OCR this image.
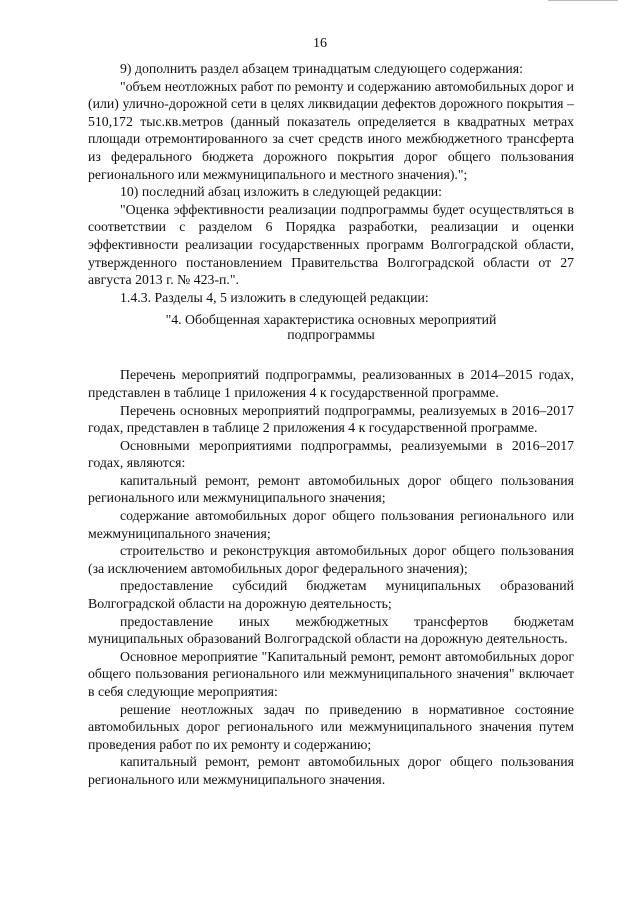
16

9) дополнить раздел абзацем тринадцатым следующего содержания:

"объем неотложных работ по ремонту и содержанию автомобильных дорог и (или) улично-дорожной сети в целях ликвидации дефектов дорожного покрытия – 510,172 тыс.кв.метров (данный показатель определяется в квадратных метрах площади отремонтированного за счет средств иного межбюджетного трансферта из федерального бюджета дорожного покрытия дорог общего пользования регионального или межмуниципального и местного значения).";

10) последний абзац изложить в следующей редакции:

"Оценка эффективности реализации подпрограммы будет осуществляться в соответствии с разделом 6 Порядка разработки, реализации и оценки эффективности реализации государственных программ Волгоградской области, утвержденного постановлением Правительства Волгоградской области от 27 августа 2013 г. № 423-п.".

1.4.3. Разделы 4, 5 изложить в следующей редакции:

"4. Обобщенная характеристика основных мероприятий подпрограммы

Перечень мероприятий подпрограммы, реализованных в 2014–2015 годах, представлен в таблице 1 приложения 4 к государственной программе.

Перечень основных мероприятий подпрограммы, реализуемых в 2016–2017 годах, представлен в таблице 2 приложения 4 к государственной программе.

Основными мероприятиями подпрограммы, реализуемыми в 2016–2017 годах, являются:

капитальный ремонт, ремонт автомобильных дорог общего пользования регионального или межмуниципального значения;

содержание автомобильных дорог общего пользования регионального или межмуниципального значения;

строительство и реконструкция автомобильных дорог общего пользования (за исключением автомобильных дорог федерального значения);

предоставление субсидий бюджетам муниципальных образований Волгоградской области на дорожную деятельность;

предоставление иных межбюджетных трансфертов бюджетам муниципальных образований Волгоградской области на дорожную деятельность.

Основное мероприятие "Капитальный ремонт, ремонт автомобильных дорог общего пользования регионального или межмуниципального значения" включает в себя следующие мероприятия:

решение неотложных задач по приведению в нормативное состояние автомобильных дорог регионального или межмуниципального значения путем проведения работ по их ремонту и содержанию;

капитальный ремонт, ремонт автомобильных дорог общего пользования регионального или межмуниципального значения.
